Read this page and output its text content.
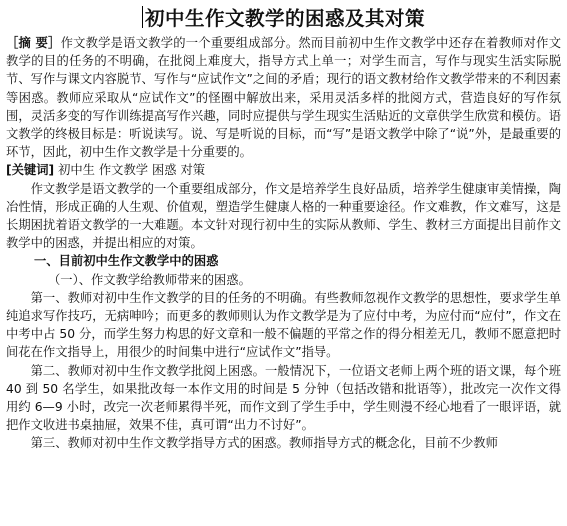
初中生作文教学的困惑及其对策

［摘 要］作文教学是语文教学的一个重要组成部分。然而目前初中生作文教学中还存在着教师对作文教学的目的任务的不明确，在批阅上难度大，指导方式上单一；对学生而言，写作与现实生活实际脱节、写作与课文内容脱节、写作与“应试作文”之间的矛盾；现行的语文教材给作文教学带来的不利因素等困惑。教师应采取从“应试作文”的怪圈中解放出来，采用灵活多样的批阅方式，营造良好的写作氛围，灵活多变的写作训练提高写作兴趣，同时应提供与学生现实生活贴近的文章供学生欣赏和模仿。语文教学的终极目标是：听说读写。说、写是听说的目标，而“写”是语文教学中除了“说”外，是最重要的环节，因此，初中生作文教学是十分重要的。

[关键词] 初中生 作文教学 困惑 对策

作文教学是语文教学的一个重要组成部分，作文是培养学生良好品质，培养学生健康审美情操，陶冶性情，形成正确的人生观、价值观，塑造学生健康人格的一种重要途径。作文难教，作文难写，这是长期困扰着语文教学的一大难题。本文针对现行初中生的实际从教师、学生、教材三方面提出目前作文教学中的困惑，并提出相应的对策。

一、目前初中生作文教学中的困惑

（一）、作文教学给教师带来的困惑。

第一、教师对初中生作文教学的目的任务的不明确。有些教师忽视作文教学的思想性，要求学生单纯追求写作技巧，无病呻吟；而更多的教师则认为作文教学是为了应付中考，为应付而“应付”，作文在中考中占 50 分，而学生努力构思的好文章和一般不偏题的平常之作的得分相差无几，教师不愿意把时间花在作文指导上，用很少的时间集中进行“应试作文”指导。

第二、教师对初中生作文教学批阅上困惑。一般情况下，一位语文老师上两个班的语文课，每个班 40 到 50 名学生，如果批改每一本作文用的时间是 5 分钟（包括改错和批语等），批改完一次作文得用约 6—9 小时，改完一次老师累得半死，而作文到了学生手中，学生则漫不经心地看了一眼评语，就把作文收进书桌抽屉，效果不佳，真可谓“出力不讨好”。

第三、教师对初中生作文教学指导方式的困惑。教师指导方式的概念化，目前不少教师
